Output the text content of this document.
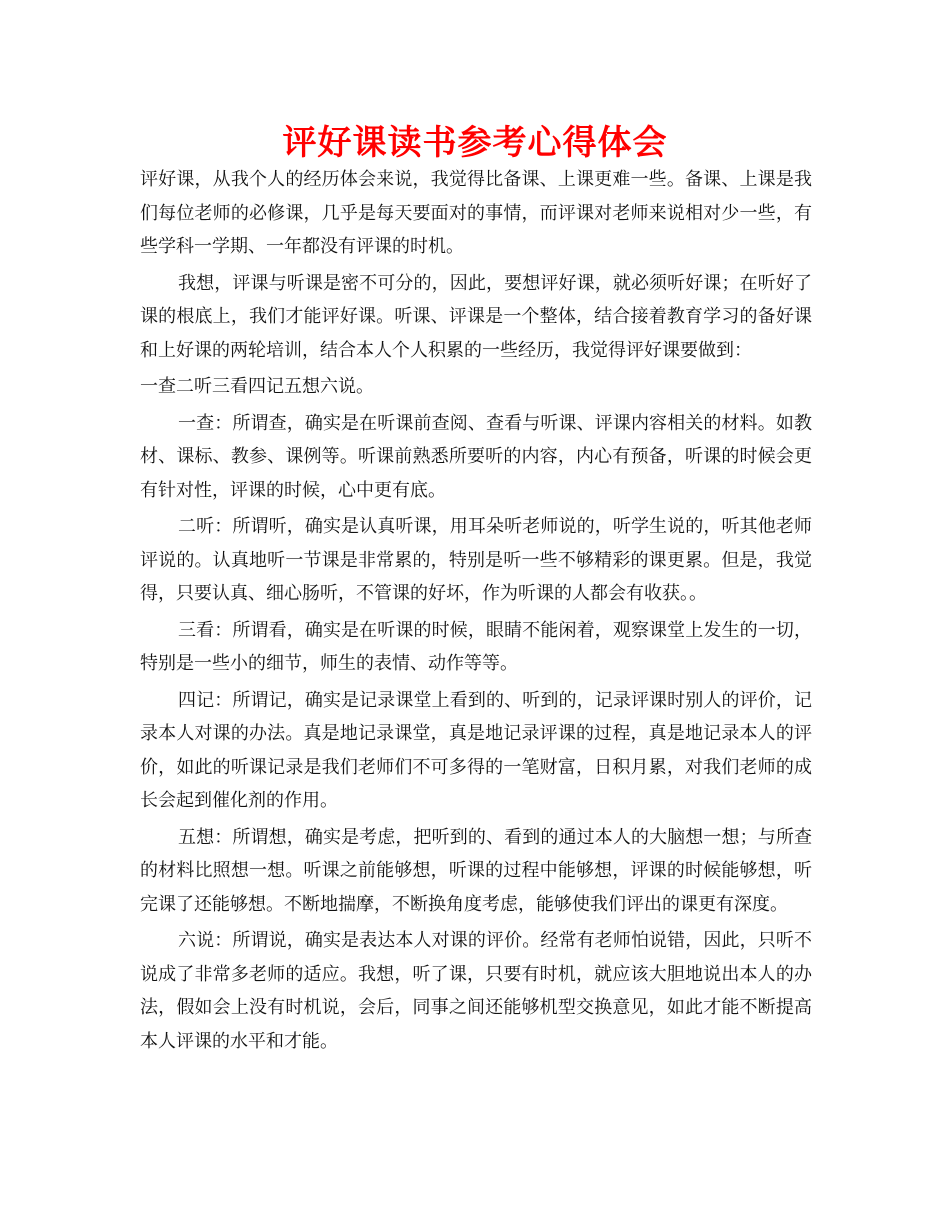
评好课读书参考心得体会

评好课，从我个人的经历体会来说，我觉得比备课、上课更难一些。备课、上课是我们每位老师的必修课，几乎是每天要面对的事情，而评课对老师来说相对少一些，有些学科一学期、一年都没有评课的时机。

我想，评课与听课是密不可分的，因此，要想评好课，就必须听好课；在听好了课的根底上，我们才能评好课。听课、评课是一个整体，结合接着教育学习的备好课和上好课的两轮培训，结合本人个人积累的一些经历，我觉得评好课要做到：

一查二听三看四记五想六说。

一查：所谓查，确实是在听课前查阅、查看与听课、评课内容相关的材料。如教材、课标、教参、课例等。听课前熟悉所要听的内容，内心有预备，听课的时候会更有针对性，评课的时候，心中更有底。

二听：所谓听，确实是认真听课，用耳朵听老师说的，听学生说的，听其他老师评说的。认真地听一节课是非常累的，特别是听一些不够精彩的课更累。但是，我觉得，只要认真、细心肠听，不管课的好坏，作为听课的人都会有收获。。

三看：所谓看，确实是在听课的时候，眼睛不能闲着，观察课堂上发生的一切，特别是一些小的细节，师生的表情、动作等等。

四记：所谓记，确实是记录课堂上看到的、听到的，记录评课时别人的评价，记录本人对课的办法。真是地记录课堂，真是地记录评课的过程，真是地记录本人的评价，如此的听课记录是我们老师们不可多得的一笔财富，日积月累，对我们老师的成长会起到催化剂的作用。

五想：所谓想，确实是考虑，把听到的、看到的通过本人的大脑想一想；与所查的材料比照想一想。听课之前能够想，听课的过程中能够想，评课的时候能够想，听完课了还能够想。不断地揣摩，不断换角度考虑，能够使我们评出的课更有深度。

六说：所谓说，确实是表达本人对课的评价。经常有老师怕说错，因此，只听不说成了非常多老师的适应。我想，听了课，只要有时机，就应该大胆地说出本人的办法，假如会上没有时机说，会后，同事之间还能够机型交换意见，如此才能不断提高本人评课的水平和才能。
